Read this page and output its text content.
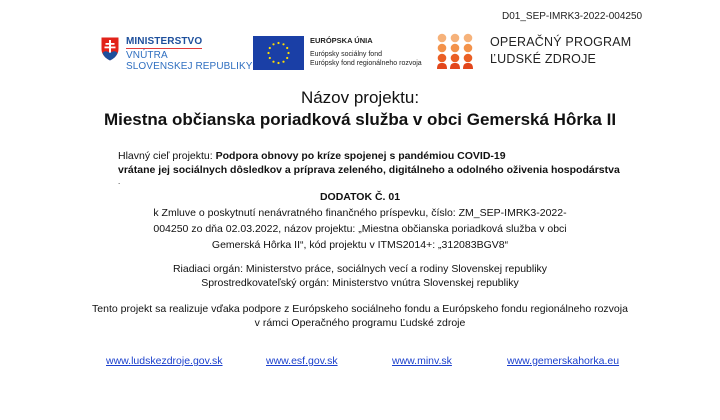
D01_SEP-IMRK3-2022-004250
MINISTERSTVO
VNÚTRA
SLOVENSKEJ REPUBLIKY
EURÓPSKA ÚNIA
Európsky sociálny fond
Európsky fond regionálneho rozvoja
OPERAČNÝ PROGRAM
ĽUDSKÉ ZDROJE
Názov projektu:
Miestna občianska poriadková služba v obci Gemerská Hôrka II
Hlavný cieľ projektu: Podpora obnovy po kríze spojenej s pandémiou COVID-19
vrátane jej sociálnych dôsledkov a príprava zeleného, digitálneho a odolného oživenia hospodárstva
.
DODATOK Č. 01
k Zmluve o poskytnutí nenávratného finančného príspevku, číslo: ZM_SEP-IMRK3-2022-
004250 zo dňa 02.03.2022, názov projektu: „Miestna občianska poriadková služba v obci
Gemerská Hôrka II“, kód projektu v ITMS2014+: „312083BGV8“
Riadiaci orgán: Ministerstvo práce, sociálnych vecí a rodiny Slovenskej republiky
Sprostredkovateľský orgán: Ministerstvo vnútra Slovenskej republiky
Tento projekt sa realizuje vďaka podpore z Európskeho sociálneho fondu a Európskeho fondu regionálneho rozvoja
v rámci Operačného programu Ľudské zdroje
www.ludskezdroje.gov.sk	www.esf.gov.sk	www.minv.sk	www.gemerskahorka.eu
